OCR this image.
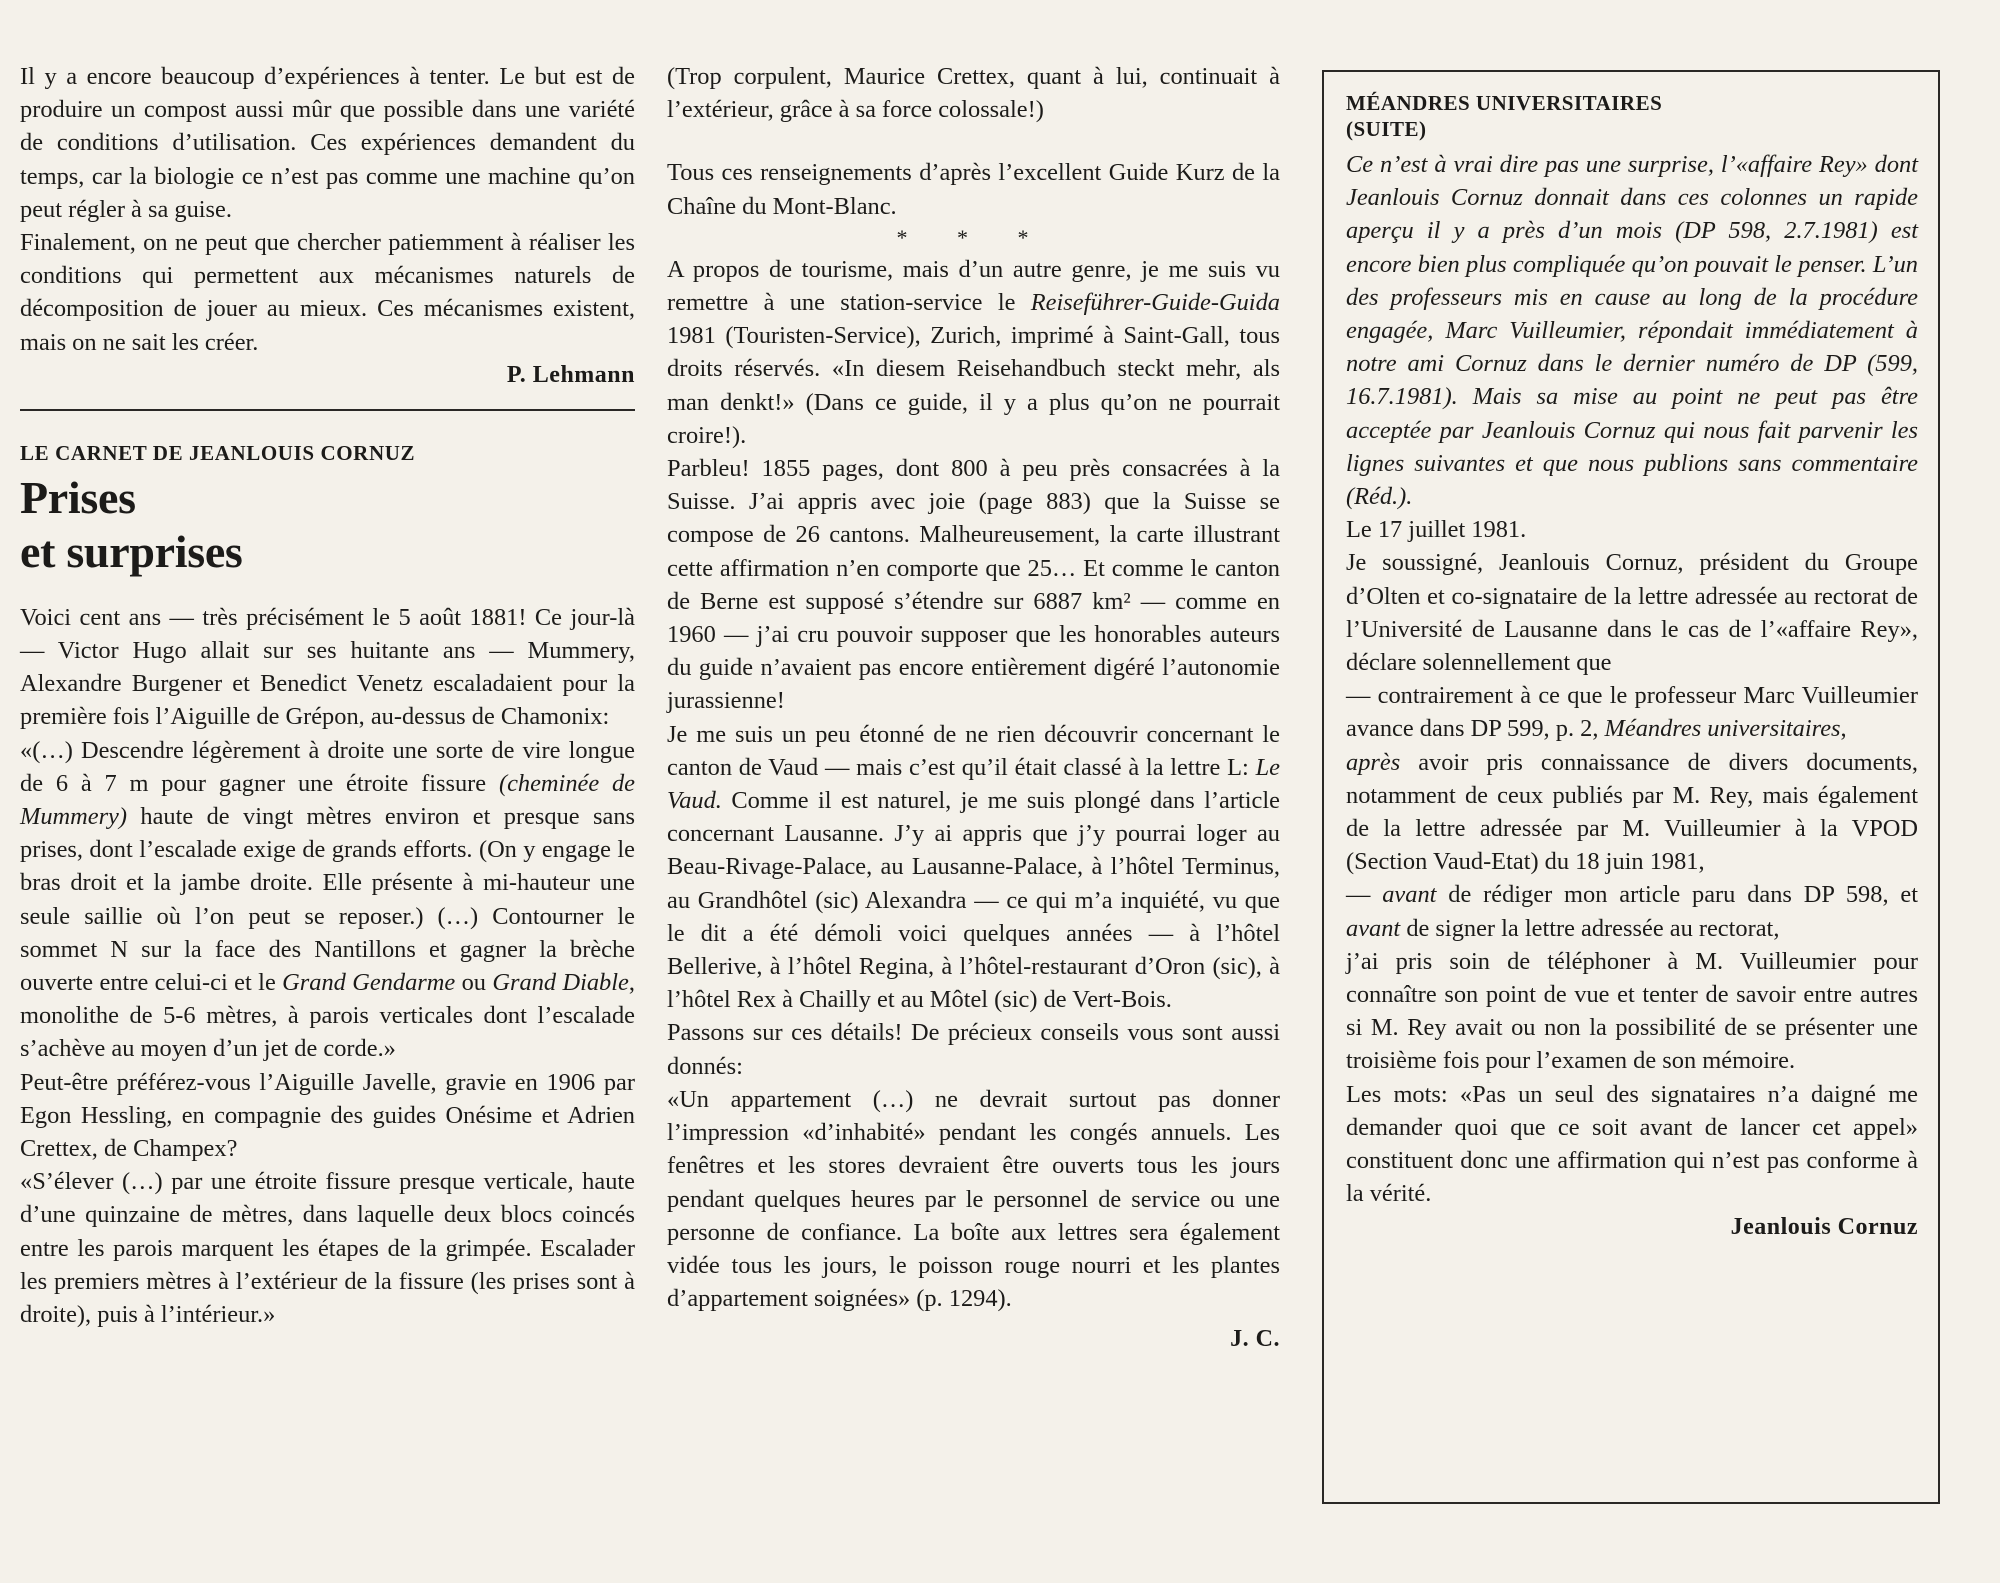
Il y a encore beaucoup d’expériences à tenter. Le but est de produire un compost aussi mûr que possible dans une variété de conditions d’utilisation. Ces expériences demandent du temps, car la biologie ce n’est pas comme une machine qu’on peut régler à sa guise.

Finalement, on ne peut que chercher patiemment à réaliser les conditions qui permettent aux mécanismes naturels de décomposition de jouer au mieux. Ces mécanismes existent, mais on ne sait les créer.

P. Lehmann
LE CARNET DE JEANLOUIS CORNUZ
Prises
et surprises

Voici cent ans — très précisément le 5 août 1881! Ce jour-là — Victor Hugo allait sur ses huitante ans — Mummery, Alexandre Burgener et Benedict Venetz escaladaient pour la première fois l’Aiguille de Grépon, au-dessus de Chamonix:

«(…) Descendre légèrement à droite une sorte de vire longue de 6 à 7 m pour gagner une étroite fissure (cheminée de Mummery) haute de vingt mètres environ et presque sans prises, dont l’escalade exige de grands efforts. (On y engage le bras droit et la jambe droite. Elle présente à mi-hauteur une seule saillie où l’on peut se reposer.) (…) Contourner le sommet N sur la face des Nantillons et gagner la brèche ouverte entre celui-ci et le Grand Gendarme ou Grand Diable, monolithe de 5-6 mètres, à parois verticales dont l’escalade s’achève au moyen d’un jet de corde.»

Peut-être préférez-vous l’Aiguille Javelle, gravie en 1906 par Egon Hessling, en compagnie des guides Onésime et Adrien Crettex, de Champex?

«S’élever (…) par une étroite fissure presque verticale, haute d’une quinzaine de mètres, dans laquelle deux blocs coincés entre les parois marquent les étapes de la grimpée. Escalader les premiers mètres à l’extérieur de la fissure (les prises sont à droite), puis à l’intérieur.»

(Trop corpulent, Maurice Crettex, quant à lui, continuait à l’extérieur, grâce à sa force colossale!)

Tous ces renseignements d’après l’excellent Guide Kurz de la Chaîne du Mont-Blanc.

* * *

A propos de tourisme, mais d’un autre genre, je me suis vu remettre à une station-service le Reiseführer-Guide-Guida 1981 (Touristen-Service), Zurich, imprimé à Saint-Gall, tous droits réservés. «In diesem Reisehandbuch steckt mehr, als man denkt!» (Dans ce guide, il y a plus qu’on ne pourrait croire!).

Parbleu! 1855 pages, dont 800 à peu près consacrées à la Suisse. J’ai appris avec joie (page 883) que la Suisse se compose de 26 cantons. Malheureusement, la carte illustrant cette affirmation n’en comporte que 25… Et comme le canton de Berne est supposé s’étendre sur 6887 km² — comme en 1960 — j’ai cru pouvoir supposer que les honorables auteurs du guide n’avaient pas encore entièrement digéré l’autonomie jurassienne!

Je me suis un peu étonné de ne rien découvrir concernant le canton de Vaud — mais c’est qu’il était classé à la lettre L: Le Vaud. Comme il est naturel, je me suis plongé dans l’article concernant Lausanne. J’y ai appris que j’y pourrai loger au Beau-Rivage-Palace, au Lausanne-Palace, à l’hôtel Terminus, au Grandhôtel (sic) Alexandra — ce qui m’a inquiété, vu que le dit a été démoli voici quelques années — à l’hôtel Bellerive, à l’hôtel Regina, à l’hôtel-restaurant d’Oron (sic), à l’hôtel Rex à Chailly et au Môtel (sic) de Vert-Bois.

Passons sur ces détails! De précieux conseils vous sont aussi donnés:

«Un appartement (…) ne devrait surtout pas donner l’impression «d’inhabité» pendant les congés annuels. Les fenêtres et les stores devraient être ouverts tous les jours pendant quelques heures par le personnel de service ou une personne de confiance. La boîte aux lettres sera également vidée tous les jours, le poisson rouge nourri et les plantes d’appartement soignées» (p. 1294).

J. C.
MÉANDRES UNIVERSITAIRES
(SUITE)

Ce n’est à vrai dire pas une surprise, l’«affaire Rey» dont Jeanlouis Cornuz donnait dans ces colonnes un rapide aperçu il y a près d’un mois (DP 598, 2.7.1981) est encore bien plus compliquée qu’on pouvait le penser. L’un des professeurs mis en cause au long de la procédure engagée, Marc Vuilleumier, répondait immédiatement à notre ami Cornuz dans le dernier numéro de DP (599, 16.7.1981). Mais sa mise au point ne peut pas être acceptée par Jeanlouis Cornuz qui nous fait parvenir les lignes suivantes et que nous publions sans commentaire (Réd.).

Le 17 juillet 1981.

Je soussigné, Jeanlouis Cornuz, président du Groupe d’Olten et co-signataire de la lettre adressée au rectorat de l’Université de Lausanne dans le cas de l’«affaire Rey», déclare solennellement que

— contrairement à ce que le professeur Marc Vuilleumier avance dans DP 599, p. 2, Méandres universitaires,

après avoir pris connaissance de divers documents, notamment de ceux publiés par M. Rey, mais également de la lettre adressée par M. Vuilleumier à la VPOD (Section Vaud-Etat) du 18 juin 1981,

— avant de rédiger mon article paru dans DP 598, et avant de signer la lettre adressée au rectorat,

j’ai pris soin de téléphoner à M. Vuilleumier pour connaître son point de vue et tenter de savoir entre autres si M. Rey avait ou non la possibilité de se présenter une troisième fois pour l’examen de son mémoire.

Les mots: «Pas un seul des signataires n’a daigné me demander quoi que ce soit avant de lancer cet appel» constituent donc une affirmation qui n’est pas conforme à la vérité.

Jeanlouis Cornuz
